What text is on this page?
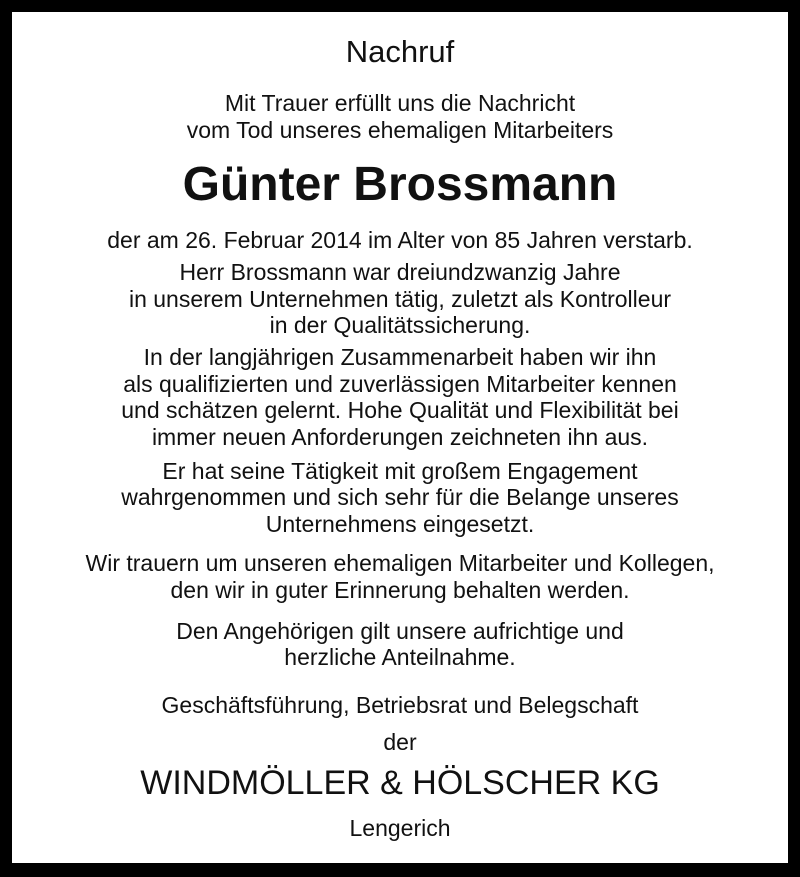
Nachruf
Mit Trauer erfüllt uns die Nachricht
vom Tod unseres ehemaligen Mitarbeiters
Günter Brossmann
der am 26. Februar 2014 im Alter von 85 Jahren verstarb.
Herr Brossmann war dreiundzwanzig Jahre
in unserem Unternehmen tätig, zuletzt als Kontrolleur
in der Qualitätssicherung.
In der langjährigen Zusammenarbeit haben wir ihn
als qualifizierten und zuverlässigen Mitarbeiter kennen
und schätzen gelernt. Hohe Qualität und Flexibilität bei
immer neuen Anforderungen zeichneten ihn aus.
Er hat seine Tätigkeit mit großem Engagement
wahrgenommen und sich sehr für die Belange unseres
Unternehmens eingesetzt.
Wir trauern um unseren ehemaligen Mitarbeiter und Kollegen,
den wir in guter Erinnerung behalten werden.
Den Angehörigen gilt unsere aufrichtige und
herzliche Anteilnahme.
Geschäftsführung, Betriebsrat und Belegschaft
der
WINDMÖLLER & HÖLSCHER KG
Lengerich
